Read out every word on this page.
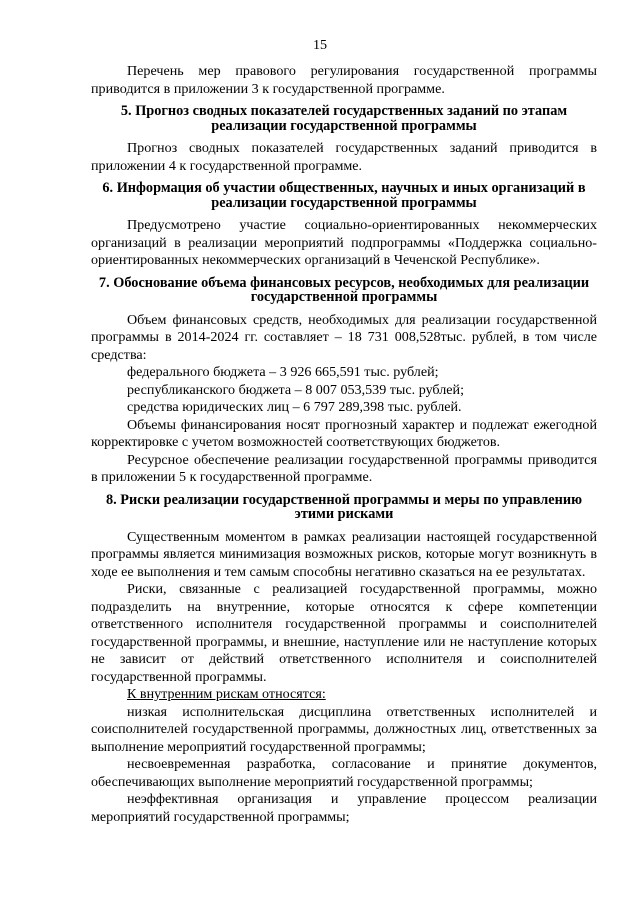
15

Перечень мер правового регулирования государственной программы приводится в приложении 3 к государственной программе.

5. Прогноз сводных показателей государственных заданий по этапам реализации государственной программы

Прогноз сводных показателей государственных заданий приводится в приложении 4 к государственной программе.

6. Информация об участии общественных, научных и иных организаций в реализации государственной программы

Предусмотрено участие социально-ориентированных некоммерческих организаций в реализации мероприятий подпрограммы «Поддержка социально-ориентированных некоммерческих организаций в Чеченской Республике».

7. Обоснование объема финансовых ресурсов, необходимых для реализации государственной программы

Объем финансовых средств, необходимых для реализации государственной программы в 2014-2024 гг. составляет – 18 731 008,528тыс. рублей, в том числе средства:

федерального бюджета – 3 926 665,591 тыс. рублей;

республиканского бюджета – 8 007 053,539 тыс. рублей;

средства юридических лиц – 6 797 289,398 тыс. рублей.

Объемы финансирования носят прогнозный характер и подлежат ежегодной корректировке с учетом возможностей соответствующих бюджетов.

Ресурсное обеспечение реализации государственной программы приводится в приложении 5 к государственной программе.

8. Риски реализации государственной программы и меры по управлению этими рисками

Существенным моментом в рамках реализации настоящей государственной программы является минимизация возможных рисков, которые могут возникнуть в ходе ее выполнения и тем самым способны негативно сказаться на ее результатах.

Риски, связанные с реализацией государственной программы, можно подразделить на внутренние, которые относятся к сфере компетенции ответственного исполнителя государственной программы и соисполнителей государственной программы, и внешние, наступление или не наступление которых не зависит от действий ответственного исполнителя и соисполнителей государственной программы.

К внутренним рискам относятся:

низкая исполнительская дисциплина ответственных исполнителей и соисполнителей государственной программы, должностных лиц, ответственных за выполнение мероприятий государственной программы;

несвоевременная разработка, согласование и принятие документов, обеспечивающих выполнение мероприятий государственной программы;

неэффективная организация и управление процессом реализации мероприятий государственной программы;
